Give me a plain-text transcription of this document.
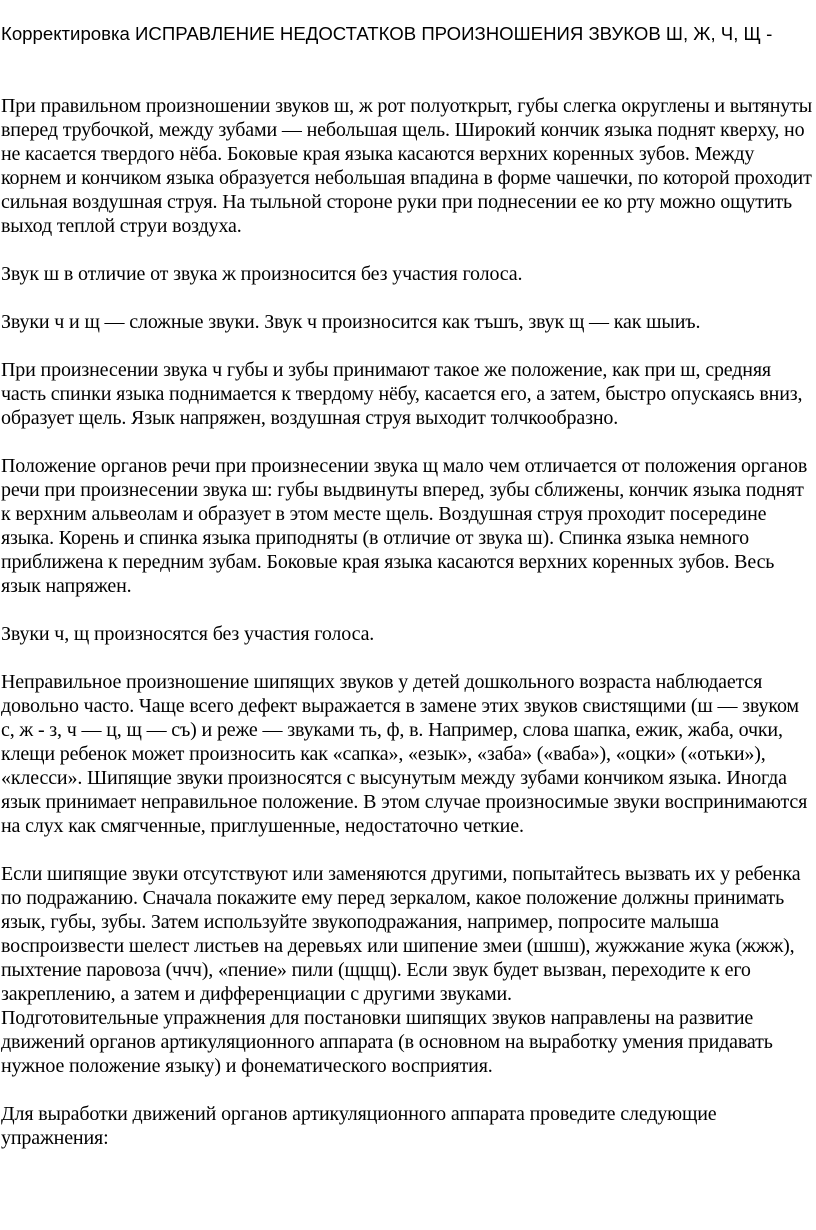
Корректировка ИСПРАВЛЕНИЕ НЕДОСТАТКОВ ПРОИЗНОШЕНИЯ ЗВУКОВ Ш, Ж, Ч, Щ -

При правильном произношении звуков ш, ж рот полуоткрыт, губы слегка округлены и вытянуты вперед трубочкой, между зубами — небольшая щель. Широкий кончик языка поднят кверху, но не касается твердого нёба. Боковые края языка касаются верхних коренных зубов. Между корнем и кончиком языка образуется небольшая впадина в форме чашечки, по которой проходит сильная воздушная струя. На тыльной стороне руки при поднесении ее ко рту можно ощутить выход теплой струи воздуха.

Звук ш в отличие от звука ж произносится без участия голоса.

Звуки ч и щ — сложные звуки. Звук ч произносится как тъшъ, звук щ — как шыиъ.

При произнесении звука ч губы и зубы принимают такое же положение, как при ш, средняя часть спинки языка поднимается к твердому нёбу, касается его, а затем, быстро опускаясь вниз, образует щель. Язык напряжен, воздушная струя выходит толчкообразно.

Положение органов речи при произнесении звука щ мало чем отличается от положения органов речи при произнесении звука ш: губы выдвинуты вперед, зубы сближены, кончик языка поднят к верхним альвеолам и образует в этом месте щель. Воздушная струя проходит посередине языка. Корень и спинка языка приподняты (в отличие от звука ш). Спинка языка немного приближена к передним зубам. Боковые края языка касаются верхних коренных зубов. Весь язык напряжен.

Звуки ч, щ произносятся без участия голоса.

Неправильное произношение шипящих звуков у детей дошкольного возраста наблюдается довольно часто. Чаще всего дефект выражается в замене этих звуков свистящими (ш — звуком с, ж - з, ч — ц, щ — съ) и реже — звуками ть, ф, в. Например, слова шапка, ежик, жаба, очки, клещи ребенок может произносить как «сапка», «езык», «заба» («ваба»), «оцки» («отьки»), «клесси». Шипящие звуки произносятся с высунутым между зубами кончиком языка. Иногда язык принимает неправильное положение. В этом случае произносимые звуки воспринимаются на слух как смягченные, приглушенные, недостаточно четкие.

Если шипящие звуки отсутствуют или заменяются другими, попытайтесь вызвать их у ребенка по подражанию. Сначала покажите ему перед зеркалом, какое положение должны принимать язык, губы, зубы. Затем используйте звукоподражания, например, попросите малыша воспроизвести шелест листьев на деревьях или шипение змеи (шшш), жужжание жука (жжж), пыхтение паровоза (ччч), «пение» пили (щщщ). Если звук будет вызван, переходите к его закреплению, а затем и дифференциации с другими звуками.

Подготовительные упражнения для постановки шипящих звуков направлены на развитие движений органов артикуляционного аппарата (в основном на выработку умения придавать нужное положение языку) и фонематического восприятия.

Для выработки движений органов артикуляционного аппарата проведите следующие упражнения:
